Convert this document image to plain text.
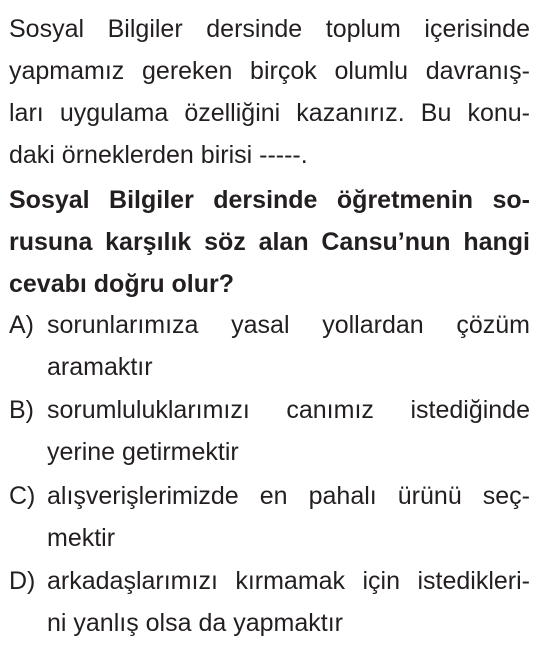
Sosyal Bilgiler dersinde toplum içerisinde
yapmamız gereken birçok olumlu davranış-
ları uygulama özelliğini kazanırız. Bu konu-
daki örneklerden birisi -----.
Sosyal Bilgiler dersinde öğretmenin so-
rusuna karşılık söz alan Cansu’nun hangi
cevabı doğru olur?
A) sorunlarımıza yasal yollardan çözüm
aramaktır
B) sorumluluklarımızı canımız istediğinde
yerine getirmektir
C) alışverişlerimizde en pahalı ürünü seç-
mektir
D) arkadaşlarımızı kırmamak için istedikleri-
ni yanlış olsa da yapmaktır
